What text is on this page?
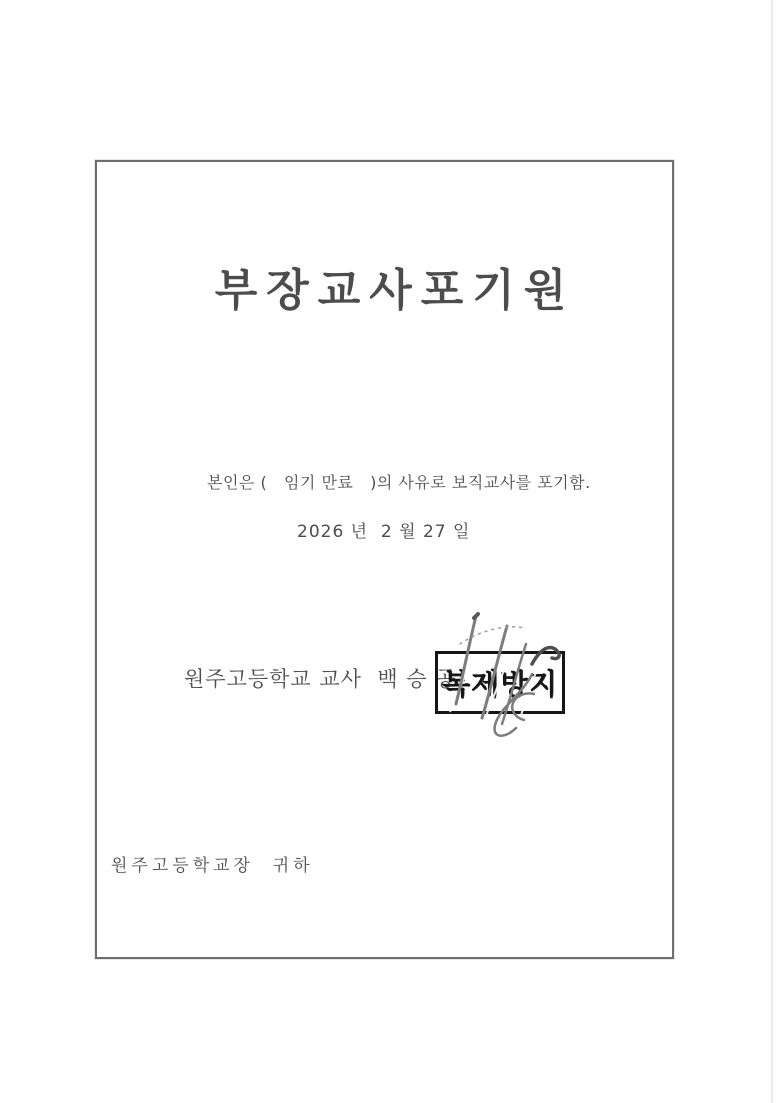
부장교사포기원

본인은 (   임기 만료   )의 사유로 보직교사를 포기함.

2026 년  2 월 27 일

원주고등학교 교사  백 승 공

복제방지

원주고등학교장  귀하
